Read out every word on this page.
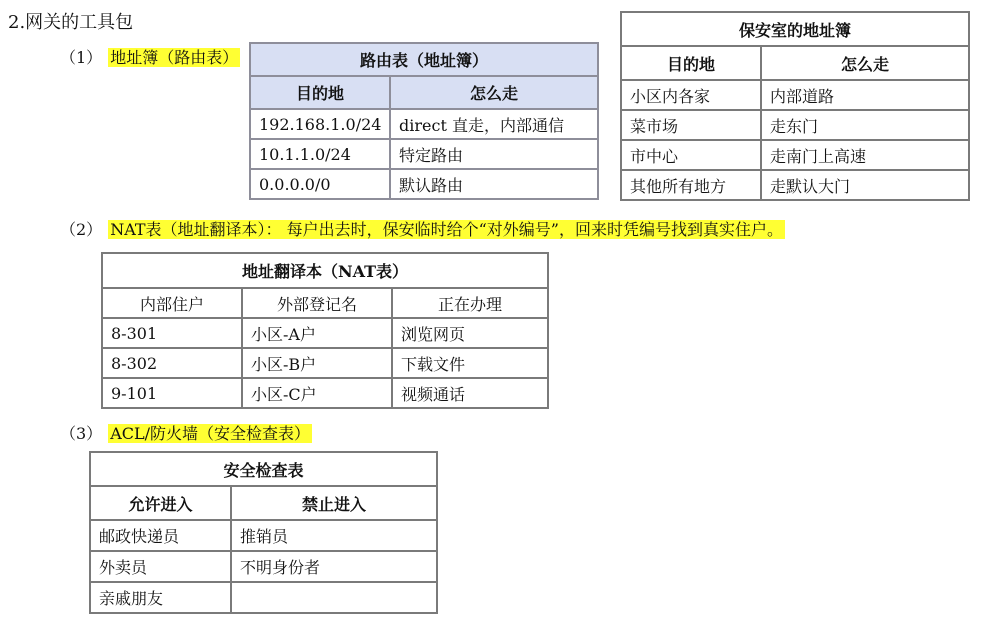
2.网关的工具包
（1） 地址簿（路由表）	路由表（地址簿）	
目的地	怎么走
192.168.1.0/24	direct 直走，内部通信
10.1.1.0/24	特定路由
0.0.0.0/0	默认路由
保安室的地址簿	
目的地	怎么走
小区内各家	内部道路
菜市场	走东门
市中心	走南门上高速
其他所有地方	走默认大门
（2） NAT表（地址翻译本）： 每户出去时，保安临时给个“对外编号”，回来时凭编号找到真实住户。
地址翻译本（NAT表）		
内部住户	外部登记名	正在办理
8-301	小区-A户	浏览网页
8-302	小区-B户	下载文件
9-101	小区-C户	视频通话
（3） ACL/防火墙（安全检查表）
安全检查表	
允许进入	禁止进入
邮政快递员	推销员
外卖员	不明身份者
亲戚朋友	
